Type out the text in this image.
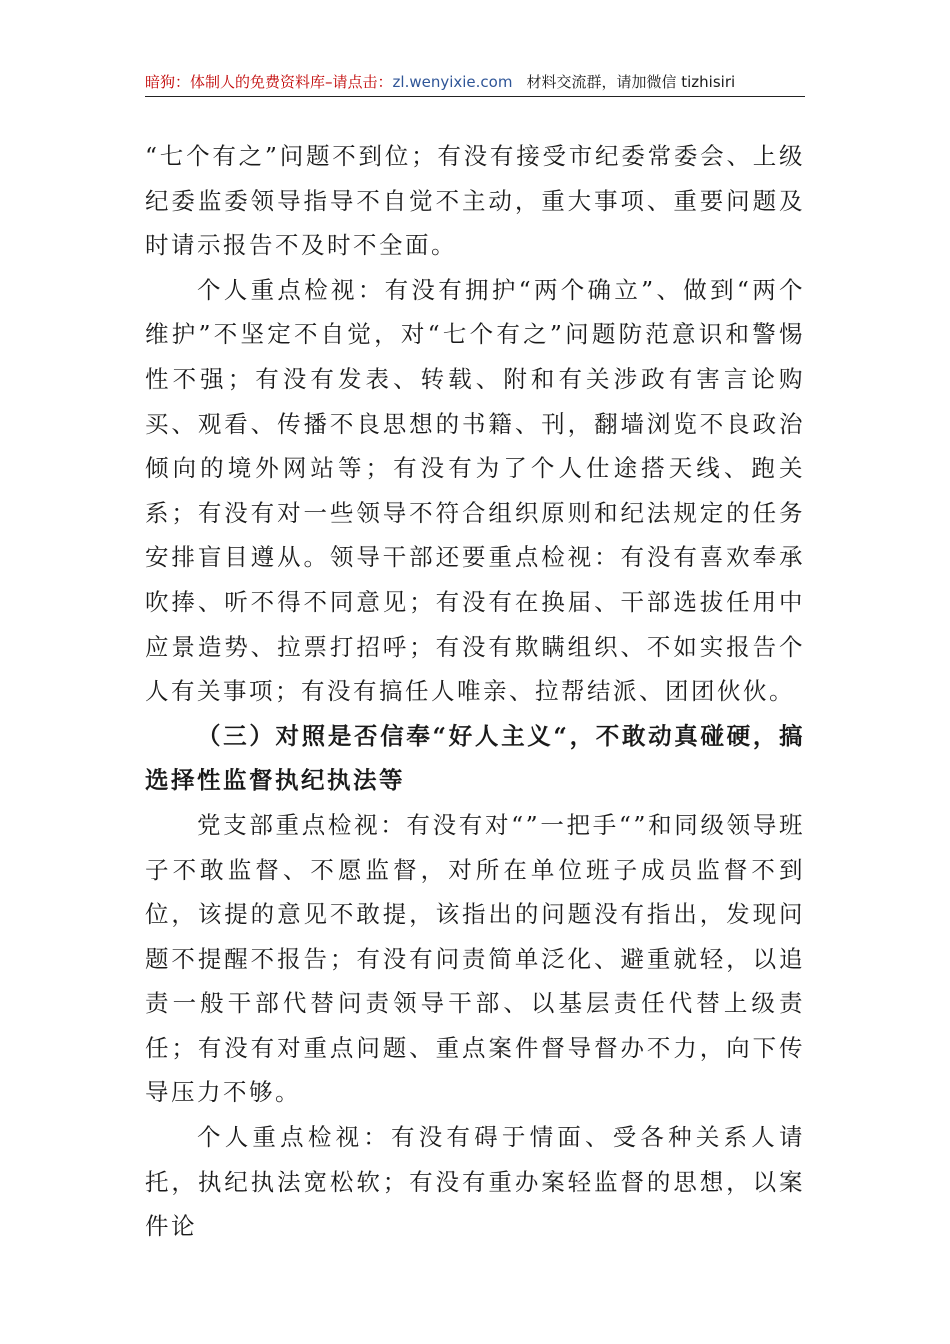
暗狗：体制人的免费资料库–请点击：zl.wenyixie.com 材料交流群，请加微信 tizhisiri

“七个有之”问题不到位；有没有接受市纪委常委会、上级纪委监委领导指导不自觉不主动，重大事项、重要问题及时请示报告不及时不全面。

个人重点检视：有没有拥护“两个确立”、做到“两个维护”不坚定不自觉，对“七个有之”问题防范意识和警惕性不强；有没有发表、转载、附和有关涉政有害言论购买、观看、传播不良思想的书籍、刊，翻墙浏览不良政治倾向的境外网站等；有没有为了个人仕途搭天线、跑关系；有没有对一些领导不符合组织原则和纪法规定的任务安排盲目遵从。领导干部还要重点检视：有没有喜欢奉承吹捧、听不得不同意见；有没有在换届、干部选拔任用中应景造势、拉票打招呼；有没有欺瞒组织、不如实报告个人有关事项；有没有搞任人唯亲、拉帮结派、团团伙伙。

（三）对照是否信奉“好人主义“，不敢动真碰硬，搞选择性监督执纪执法等

党支部重点检视：有没有对“”一把手“”和同级领导班子不敢监督、不愿监督，对所在单位班子成员监督不到位，该提的意见不敢提，该指出的问题没有指出，发现问题不提醒不报告；有没有问责简单泛化、避重就轻，以追责一般干部代替问责领导干部、以基层责任代替上级责任；有没有对重点问题、重点案件督导督办不力，向下传导压力不够。

个人重点检视：有没有碍于情面、受各种关系人请托，执纪执法宽松软；有没有重办案轻监督的思想，以案件论
